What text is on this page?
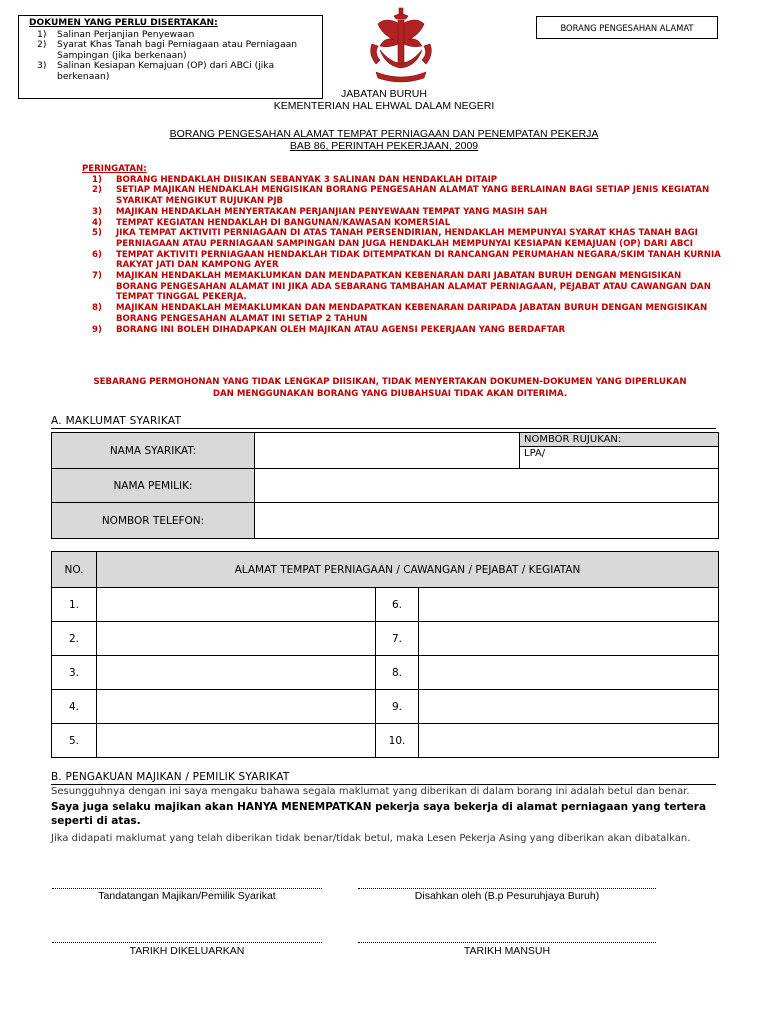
DOKUMEN YANG PERLU DISERTAKAN:
1) Salinan Perjanjian Penyewaan
2) Syarat Khas Tanah bagi Perniagaan atau Perniagaan Sampingan (jika berkenaan)
3) Salinan Kesiapan Kemajuan (OP) dari ABCi (jika berkenaan)
BORANG PENGESAHAN ALAMAT
JABATAN BURUH
KEMENTERIAN HAL EHWAL DALAM NEGERI
BORANG PENGESAHAN ALAMAT TEMPAT PERNIAGAAN DAN PENEMPATAN PEKERJA
BAB 86, PERINTAH PEKERJAAN, 2009
PERINGATAN:
1) BORANG HENDAKLAH DIISIKAN SEBANYAK 3 SALINAN DAN HENDAKLAH DITAIP
2) SETIAP MAJIKAN HENDAKLAH MENGISIKAN BORANG PENGESAHAN ALAMAT YANG BERLAINAN BAGI SETIAP JENIS KEGIATAN SYARIKAT MENGIKUT RUJUKAN PJB
3) MAJIKAN HENDAKLAH MENYERTAKAN PERJANJIAN PENYEWAAN TEMPAT YANG MASIH SAH
4) TEMPAT KEGIATAN HENDAKLAH DI BANGUNAN/KAWASAN KOMERSIAL
5) JIKA TEMPAT AKTIVITI PERNIAGAAN DI ATAS TANAH PERSENDIRIAN, HENDAKLAH MEMPUNYAI SYARAT KHAS TANAH BAGI PERNIAGAAN ATAU PERNIAGAAN SAMPINGAN DAN JUGA HENDAKLAH MEMPUNYAI KESIAPAN KEMAJUAN (OP) DARI ABCI
6) TEMPAT AKTIVITI PERNIAGAAN HENDAKLAH TIDAK DITEMPATKAN DI RANCANGAN PERUMAHAN NEGARA/SKIM TANAH KURNIA RAKYAT JATI DAN KAMPONG AYER
7) MAJIKAN HENDAKLAH MEMAKLUMKAN DAN MENDAPATKAN KEBENARAN DARI JABATAN BURUH DENGAN MENGISIKAN BORANG PENGESAHAN ALAMAT INI JIKA ADA SEBARANG TAMBAHAN ALAMAT PERNIAGAAN, PEJABAT ATAU CAWANGAN DAN TEMPAT TINGGAL PEKERJA.
8) MAJIKAN HENDAKLAH MEMAKLUMKAN DAN MENDAPATKAN KEBENARAN DARIPADA JABATAN BURUH DENGAN MENGISIKAN BORANG PENGESAHAN ALAMAT INI SETIAP 2 TAHUN
9) BORANG INI BOLEH DIHADAPKAN OLEH MAJIKAN ATAU AGENSI PEKERJAAN YANG BERDAFTAR
SEBARANG PERMOHONAN YANG TIDAK LENGKAP DIISIKAN, TIDAK MENYERTAKAN DOKUMEN-DOKUMEN YANG DIPERLUKAN DAN MENGGUNAKAN BORANG YANG DIUBAHSUAI TIDAK AKAN DITERIMA.
A. MAKLUMAT SYARIKAT
NAMA SYARIKAT:		NOMBOR RUJUKAN:
LPA/

NAMA PEMILIK:		
NOMBOR TELEFON:		
NO.	ALAMAT TEMPAT PERNIAGAAN / CAWANGAN / PEJABAT / KEGIATAN		
1.		6.	
2.		7.	
3.		8.	
4.		9.	
5.		10.	
B. PENGAKUAN MAJIKAN / PEMILIK SYARIKAT
Sesungguhnya dengan ini saya mengaku bahawa segala maklumat yang diberikan di dalam borang ini adalah betul dan benar.
Saya juga selaku majikan akan HANYA MENEMPATKAN pekerja saya bekerja di alamat perniagaan yang tertera seperti di atas.
Jika didapati maklumat yang telah diberikan tidak benar/tidak betul, maka Lesen Pekerja Asing yang diberikan akan dibatalkan.
Tandatangan Majikan/Pemilik Syarikat	Disahkan oleh (B.p Pesuruhjaya Buruh)
TARIKH DIKELUARKAN	TARIKH MANSUH
